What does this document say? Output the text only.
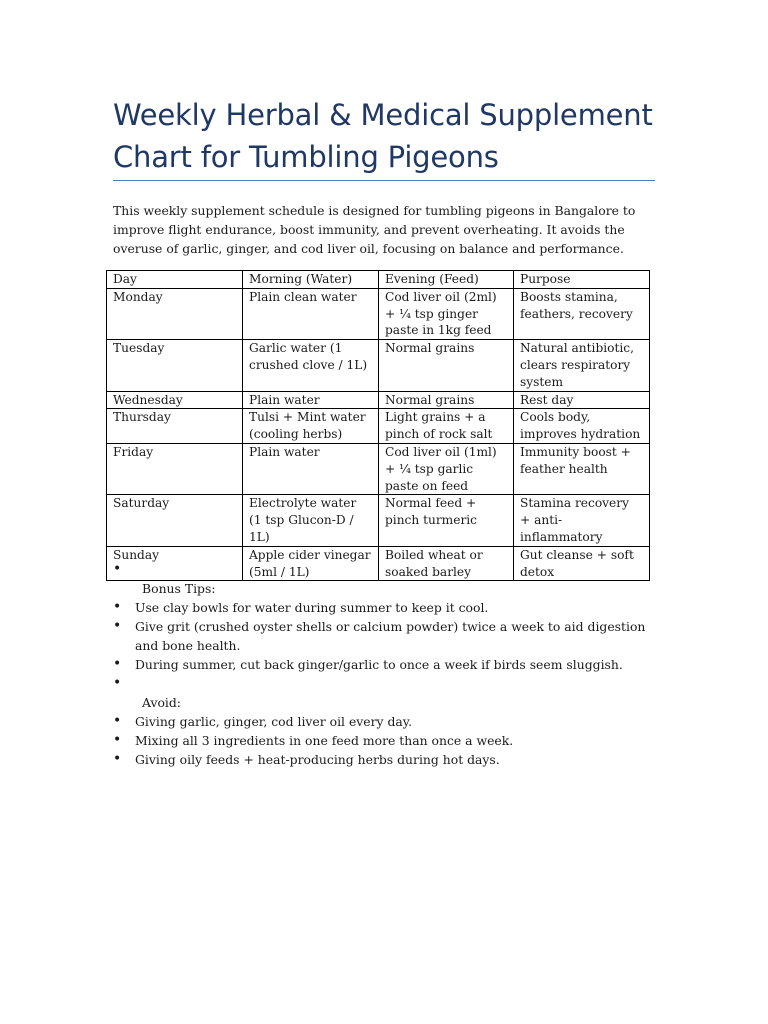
Weekly Herbal & Medical Supplement Chart for Tumbling Pigeons
This weekly supplement schedule is designed for tumbling pigeons in Bangalore to improve flight endurance, boost immunity, and prevent overheating. It avoids the overuse of garlic, ginger, and cod liver oil, focusing on balance and performance.
Day	Morning (Water)	Evening (Feed)	Purpose
Monday	Plain clean water	Cod liver oil (2ml) + ¼ tsp ginger paste in 1kg feed	Boosts stamina, feathers, recovery
Tuesday	Garlic water (1 crushed clove / 1L)	Normal grains	Natural antibiotic, clears respiratory system
Wednesday	Plain water	Normal grains	Rest day
Thursday	Tulsi + Mint water (cooling herbs)	Light grains + a pinch of rock salt	Cools body, improves hydration
Friday	Plain water	Cod liver oil (1ml) + ¼ tsp garlic paste on feed	Immunity boost + feather health
Saturday	Electrolyte water (1 tsp Glucon-D / 1L)	Normal feed + pinch turmeric	Stamina recovery + anti-inflammatory
Sunday	Apple cider vinegar (5ml / 1L)	Boiled wheat or soaked barley	Gut cleanse + soft detox
• Bonus Tips:
• Use clay bowls for water during summer to keep it cool.
• Give grit (crushed oyster shells or calcium powder) twice a week to aid digestion and bone health.
• During summer, cut back ginger/garlic to once a week if birds seem sluggish.
• Avoid:
• Giving garlic, ginger, cod liver oil every day.
• Mixing all 3 ingredients in one feed more than once a week.
• Giving oily feeds + heat-producing herbs during hot days.
